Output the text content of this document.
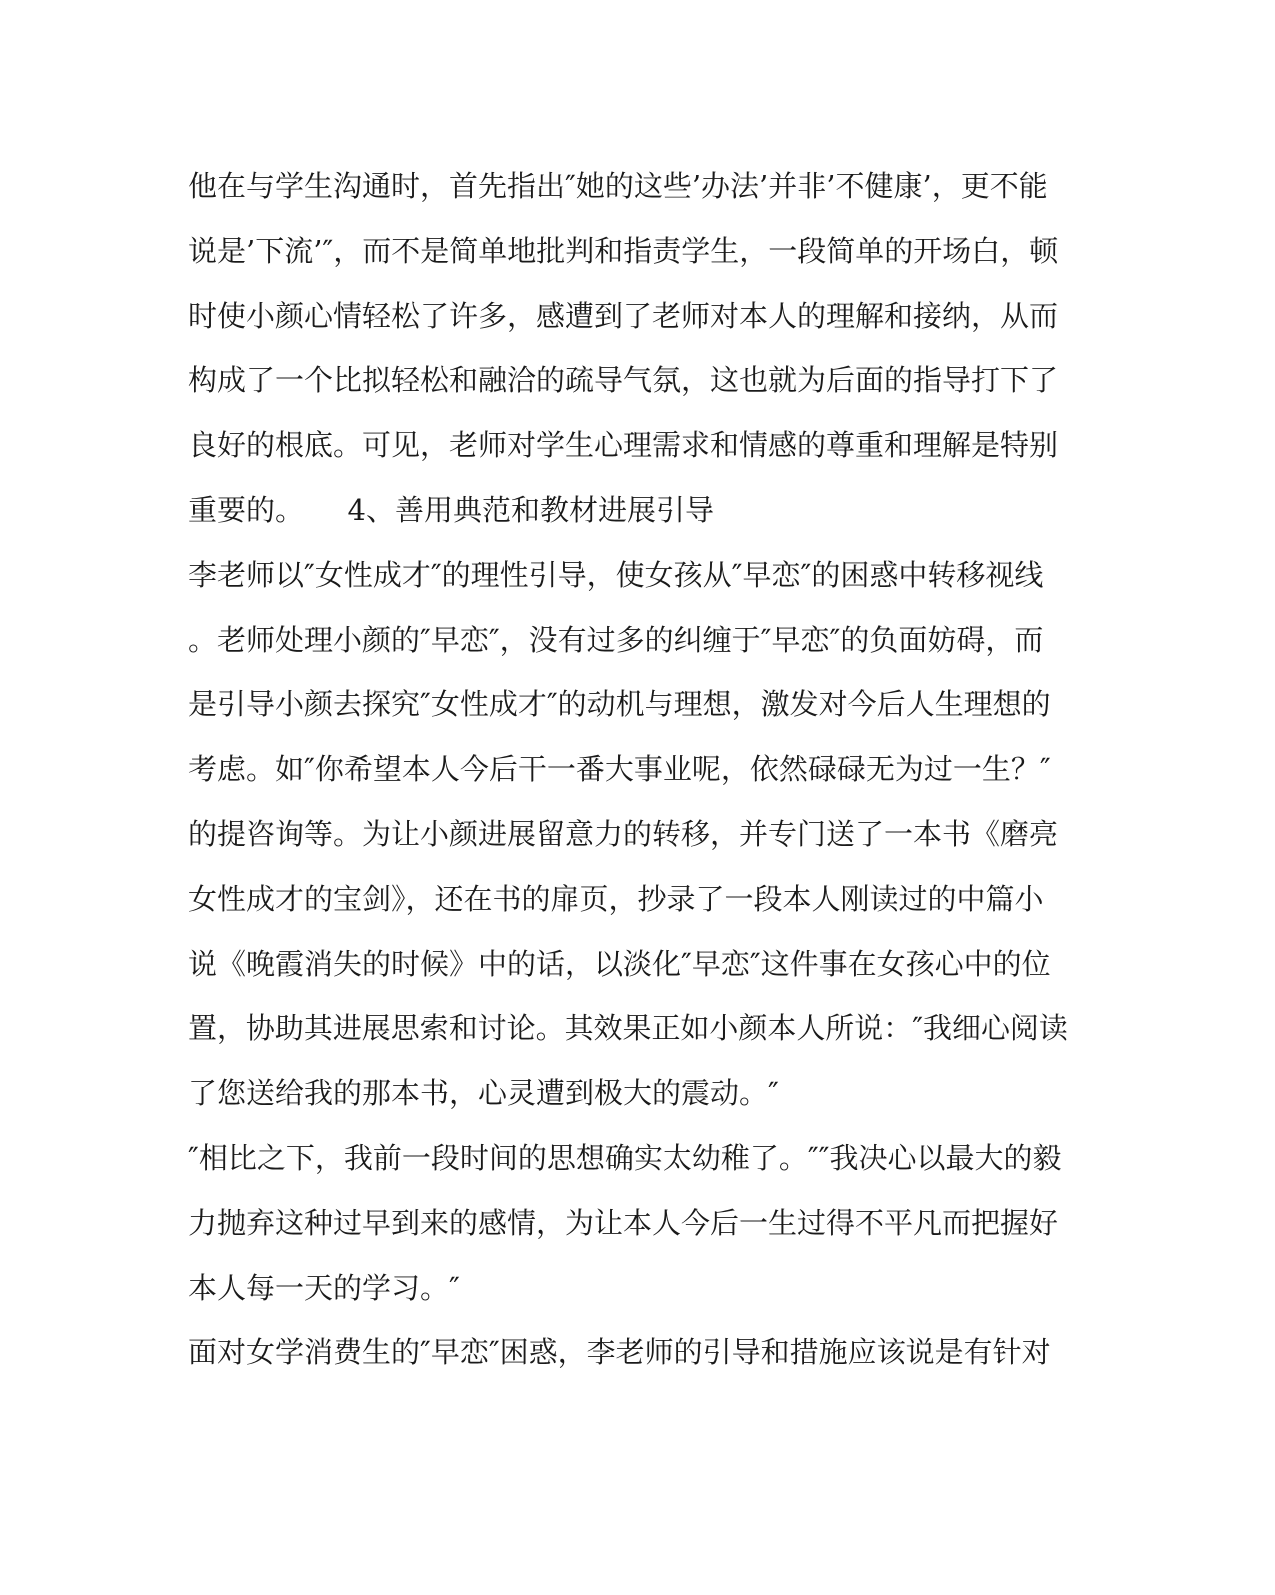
他在与学生沟通时，首先指出″她的这些’办法’并非’不健康’，更不能
说是’下流’″，而不是简单地批判和指责学生，一段简单的开场白，顿
时使小颜心情轻松了许多，感遭到了老师对本人的理解和接纳，从而
构成了一个比拟轻松和融洽的疏导气氛，这也就为后面的指导打下了
良好的根底。可见，老师对学生心理需求和情感的尊重和理解是特别
重要的。　　4、善用典范和教材进展引导
李老师以″女性成才″的理性引导，使女孩从″早恋″的困惑中转移视线
。老师处理小颜的″早恋″，没有过多的纠缠于″早恋″的负面妨碍，而
是引导小颜去探究″女性成才″的动机与理想，激发对今后人生理想的
考虑。如″你希望本人今后干一番大事业呢，依然碌碌无为过一生？″
的提咨询等。为让小颜进展留意力的转移，并专门送了一本书《磨亮
女性成才的宝剑》，还在书的扉页，抄录了一段本人刚读过的中篇小
说《晚霞消失的时候》中的话，以淡化″早恋″这件事在女孩心中的位
置，协助其进展思索和讨论。其效果正如小颜本人所说：″我细心阅读
了您送给我的那本书，心灵遭到极大的震动。″
″相比之下，我前一段时间的思想确实太幼稚了。″″我决心以最大的毅
力抛弃这种过早到来的感情，为让本人今后一生过得不平凡而把握好
本人每一天的学习。″
面对女学消费生的″早恋″困惑，李老师的引导和措施应该说是有针对
